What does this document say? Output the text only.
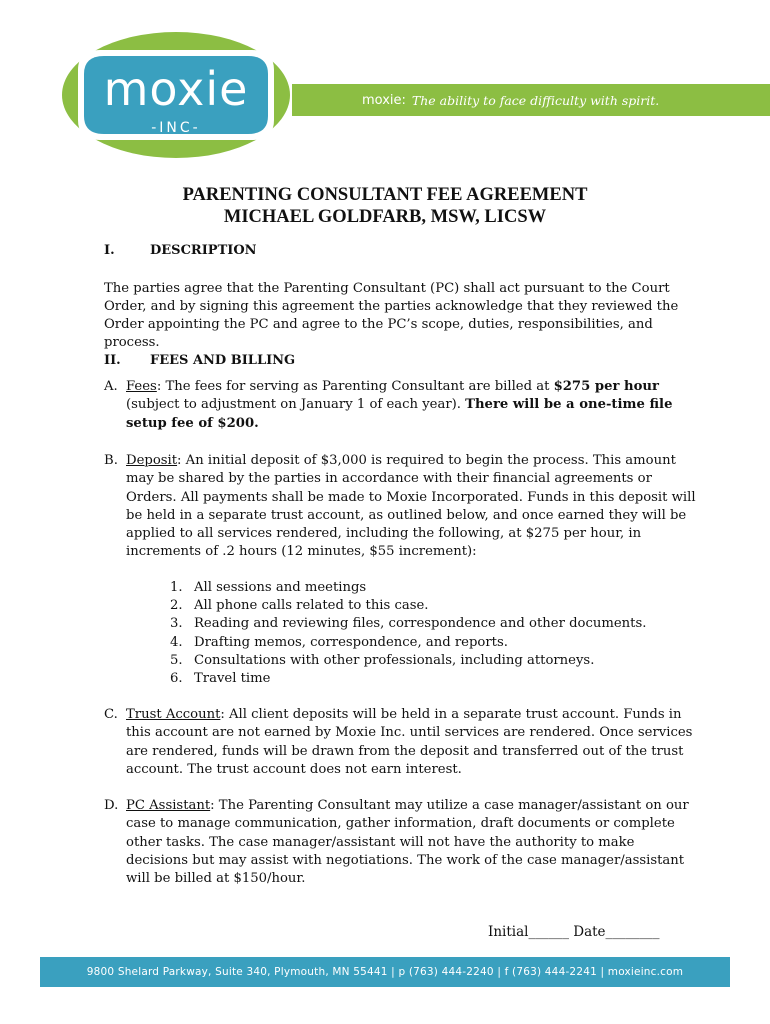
moxie
-INC-
moxie: The ability to face difficulty with spirit.
PARENTING CONSULTANT FEE AGREEMENT
MICHAEL GOLDFARB, MSW, LICSW
I.	DESCRIPTION
The parties agree that the Parenting Consultant (PC) shall act pursuant to the Court Order, and by signing this agreement the parties acknowledge that they reviewed the Order appointing the PC and agree to the PC’s scope, duties, responsibilities, and process.
II. FEES AND BILLING
A. Fees: The fees for serving as Parenting Consultant are billed at $275 per hour (subject to adjustment on January 1 of each year). There will be a one-time file setup fee of $200.
B. Deposit: An initial deposit of $3,000 is required to begin the process. This amount may be shared by the parties in accordance with their financial agreements or Orders. All payments shall be made to Moxie Incorporated. Funds in this deposit will be held in a separate trust account, as outlined below, and once earned they will be applied to all services rendered, including the following, at $275 per hour, in increments of .2 hours (12 minutes, $55 increment):
1. All sessions and meetings
2. All phone calls related to this case.
3. Reading and reviewing files, correspondence and other documents.
4. Drafting memos, correspondence, and reports.
5. Consultations with other professionals, including attorneys.
6. Travel time
C. Trust Account: All client deposits will be held in a separate trust account. Funds in this account are not earned by Moxie Inc. until services are rendered. Once services are rendered, funds will be drawn from the deposit and transferred out of the trust account. The trust account does not earn interest.
D. PC Assistant: The Parenting Consultant may utilize a case manager/assistant on our case to manage communication, gather information, draft documents or complete other tasks. The case manager/assistant will not have the authority to make decisions but may assist with negotiations. The work of the case manager/assistant will be billed at $150/hour.
Initial______ Date________
9800 Shelard Parkway, Suite 340, Plymouth, MN 55441 | p (763) 444-2240 | f (763) 444-2241 | moxieinc.com
